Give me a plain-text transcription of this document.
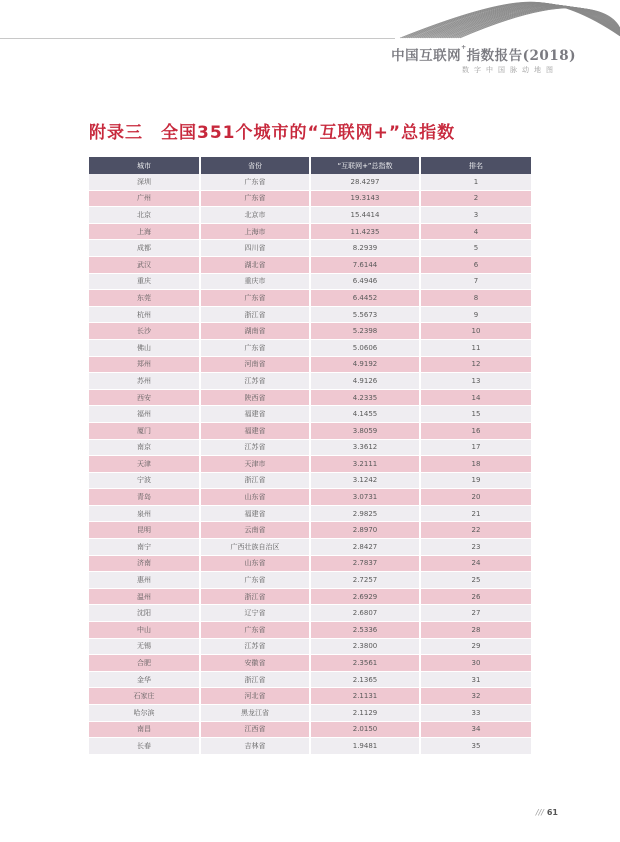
中国互联网+指数报告(2018)
数字中国脉动地图
附录三　全国351个城市的“互联网+”总指数
城市	省份	“互联网+”总指数	排名
深圳	广东省	28.4297	1
广州	广东省	19.3143	2
北京	北京市	15.4414	3
上海	上海市	11.4235	4
成都	四川省	8.2939	5
武汉	湖北省	7.6144	6
重庆	重庆市	6.4946	7
东莞	广东省	6.4452	8
杭州	浙江省	5.5673	9
长沙	湖南省	5.2398	10
佛山	广东省	5.0606	11
郑州	河南省	4.9192	12
苏州	江苏省	4.9126	13
西安	陕西省	4.2335	14
福州	福建省	4.1455	15
厦门	福建省	3.8059	16
南京	江苏省	3.3612	17
天津	天津市	3.2111	18
宁波	浙江省	3.1242	19
青岛	山东省	3.0731	20
泉州	福建省	2.9825	21
昆明	云南省	2.8970	22
南宁	广西壮族自治区	2.8427	23
济南	山东省	2.7837	24
惠州	广东省	2.7257	25
温州	浙江省	2.6929	26
沈阳	辽宁省	2.6807	27
中山	广东省	2.5336	28
无锡	江苏省	2.3800	29
合肥	安徽省	2.3561	30
金华	浙江省	2.1365	31
石家庄	河北省	2.1131	32
哈尔滨	黑龙江省	2.1129	33
南昌	江西省	2.0150	34
长春	吉林省	1.9481	35
/// 61
